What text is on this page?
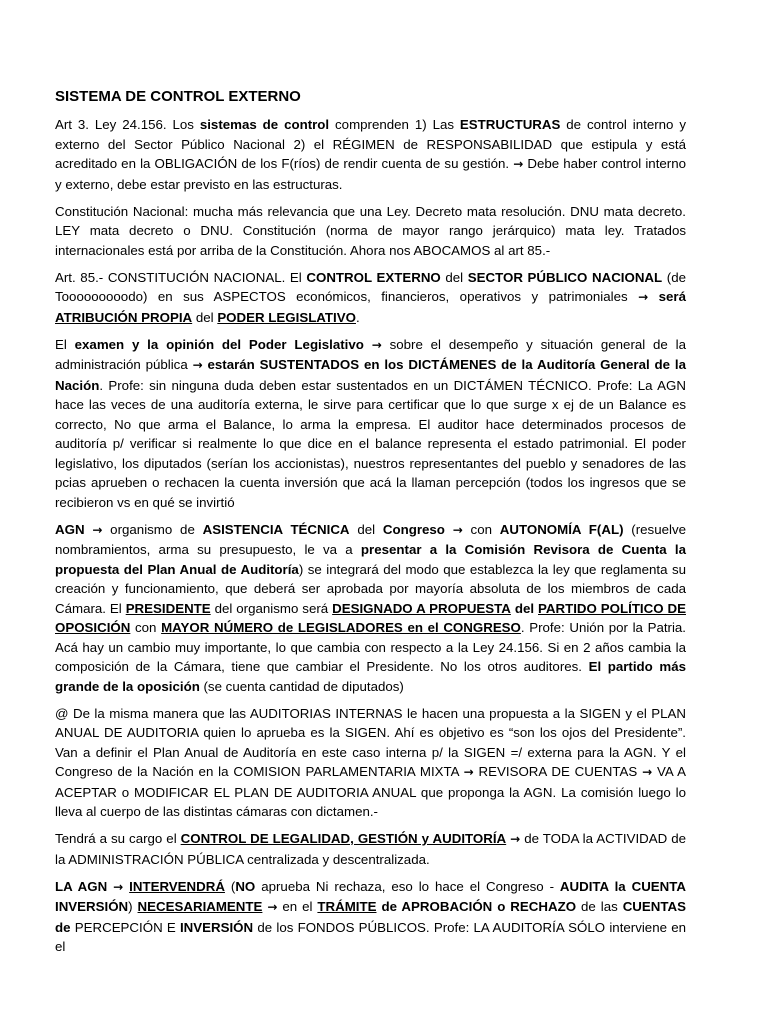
SISTEMA DE CONTROL EXTERNO

Art 3. Ley 24.156. Los sistemas de control comprenden 1) Las ESTRUCTURAS de control interno y externo del Sector Público Nacional 2) el RÉGIMEN de RESPONSABILIDAD que estipula y está acreditado en la OBLIGACIÓN de los F(ríos) de rendir cuenta de su gestión. → Debe haber control interno y externo, debe estar previsto en las estructuras.

Constitución Nacional: mucha más relevancia que una Ley. Decreto mata resolución. DNU mata decreto. LEY mata decreto o DNU. Constitución (norma de mayor rango jerárquico) mata ley. Tratados internacionales está por arriba de la Constitución. Ahora nos ABOCAMOS al art 85.-

Art. 85.- CONSTITUCIÓN NACIONAL. El CONTROL EXTERNO del SECTOR PÚBLICO NACIONAL (de Tooooooooodo) en sus ASPECTOS económicos, financieros, operativos y patrimoniales → será ATRIBUCIÓN PROPIA del PODER LEGISLATIVO.

El examen y la opinión del Poder Legislativo → sobre el desempeño y situación general de la administración pública → estarán SUSTENTADOS en los DICTÁMENES de la Auditoría General de la Nación. Profe: sin ninguna duda deben estar sustentados en un DICTÁMEN TÉCNICO. Profe: La AGN hace las veces de una auditoría externa, le sirve para certificar que lo que surge x ej de un Balance es correcto, No que arma el Balance, lo arma la empresa. El auditor hace determinados procesos de auditoría p/ verificar si realmente lo que dice en el balance representa el estado patrimonial. El poder legislativo, los diputados (serían los accionistas), nuestros representantes del pueblo y senadores de las pcias aprueben o rechacen la cuenta inversión que acá la llaman percepción (todos los ingresos que se recibieron vs en qué se invirtió

AGN → organismo de ASISTENCIA TÉCNICA del Congreso → con AUTONOMÍA F(AL) (resuelve nombramientos, arma su presupuesto, le va a presentar a la Comisión Revisora de Cuenta la propuesta del Plan Anual de Auditoría) se integrará del modo que establezca la ley que reglamenta su creación y funcionamiento, que deberá ser aprobada por mayoría absoluta de los miembros de cada Cámara. El PRESIDENTE del organismo será DESIGNADO A PROPUESTA del PARTIDO POLÍTICO DE OPOSICIÓN con MAYOR NÚMERO de LEGISLADORES en el CONGRESO. Profe: Unión por la Patria. Acá hay un cambio muy importante, lo que cambia con respecto a la Ley 24.156. Si en 2 años cambia la composición de la Cámara, tiene que cambiar el Presidente. No los otros auditores. El partido más grande de la oposición (se cuenta cantidad de diputados)

@ De la misma manera que las AUDITORIAS INTERNAS le hacen una propuesta a la SIGEN y el PLAN ANUAL DE AUDITORIA quien lo aprueba es la SIGEN. Ahí es objetivo es “son los ojos del Presidente”. Van a definir el Plan Anual de Auditoría en este caso interna p/ la SIGEN =/ externa para la AGN. Y el Congreso de la Nación en la COMISION PARLAMENTARIA MIXTA → REVISORA DE CUENTAS → VA A ACEPTAR o MODIFICAR EL PLAN DE AUDITORIA ANUAL que proponga la AGN. La comisión luego lo lleva al cuerpo de las distintas cámaras con dictamen.-

Tendrá a su cargo el CONTROL DE LEGALIDAD, GESTIÓN y AUDITORÍA → de TODA la ACTIVIDAD de la ADMINISTRACIÓN PÚBLICA centralizada y descentralizada.

LA AGN → INTERVENDRÁ (NO aprueba Ni rechaza, eso lo hace el Congreso - AUDITA la CUENTA INVERSIÓN) NECESARIAMENTE → en el TRÁMITE de APROBACIÓN o RECHAZO de las CUENTAS de PERCEPCIÓN E INVERSIÓN de los FONDOS PÚBLICOS. Profe: LA AUDITORÍA SÓLO interviene en el
